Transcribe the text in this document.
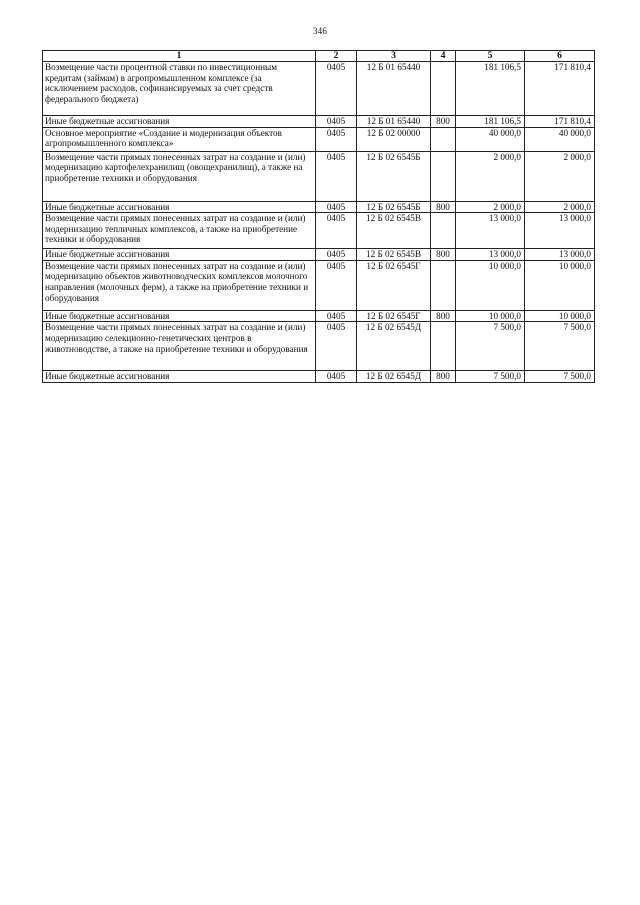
346
1	2	3	4	5	6
Возмещение части процентной ставки по инвестиционным кредитам (займам) в агропромышленном комплексе (за исключением расходов, софинансируемых за счет средств федерального бюджета)	0405	12 Б 01 65440		181 106,5	171 810,4
Иные бюджетные ассигнования	0405	12 Б 01 65440	800	181 106,5	171 810,4
Основное мероприятие «Создание и модернизация объектов агропромышленного комплекса»	0405	12 Б 02 00000		40 000,0	40 000,0
Возмещение части прямых понесенных затрат на создание и (или) модернизацию картофелехранилищ (овощехранилищ), а также на приобретение техники и оборудования	0405	12 Б 02 6545Б		2 000,0	2 000,0
Иные бюджетные ассигнования	0405	12 Б 02 6545Б	800	2 000,0	2 000,0
Возмещение части прямых понесенных затрат на создание и (или) модернизацию тепличных комплексов, а также на приобретение техники и оборудования	0405	12 Б 02 6545В		13 000,0	13 000,0
Иные бюджетные ассигнования	0405	12 Б 02 6545В	800	13 000,0	13 000,0
Возмещение части прямых понесенных затрат на создание и (или) модернизацию объектов животноводческих комплексов молочного направления (молочных ферм), а также на приобретение техники и оборудования	0405	12 Б 02 6545Г		10 000,0	10 000,0
Иные бюджетные ассигнования	0405	12 Б 02 6545Г	800	10 000,0	10 000,0
Возмещение части прямых понесенных затрат на создание и (или) модернизацию селекционно-генетических центров в животноводстве, а также на приобретение техники и оборудования	0405	12 Б 02 6545Д		7 500,0	7 500,0
Иные бюджетные ассигнования	0405	12 Б 02 6545Д	800	7 500,0	7 500,0
